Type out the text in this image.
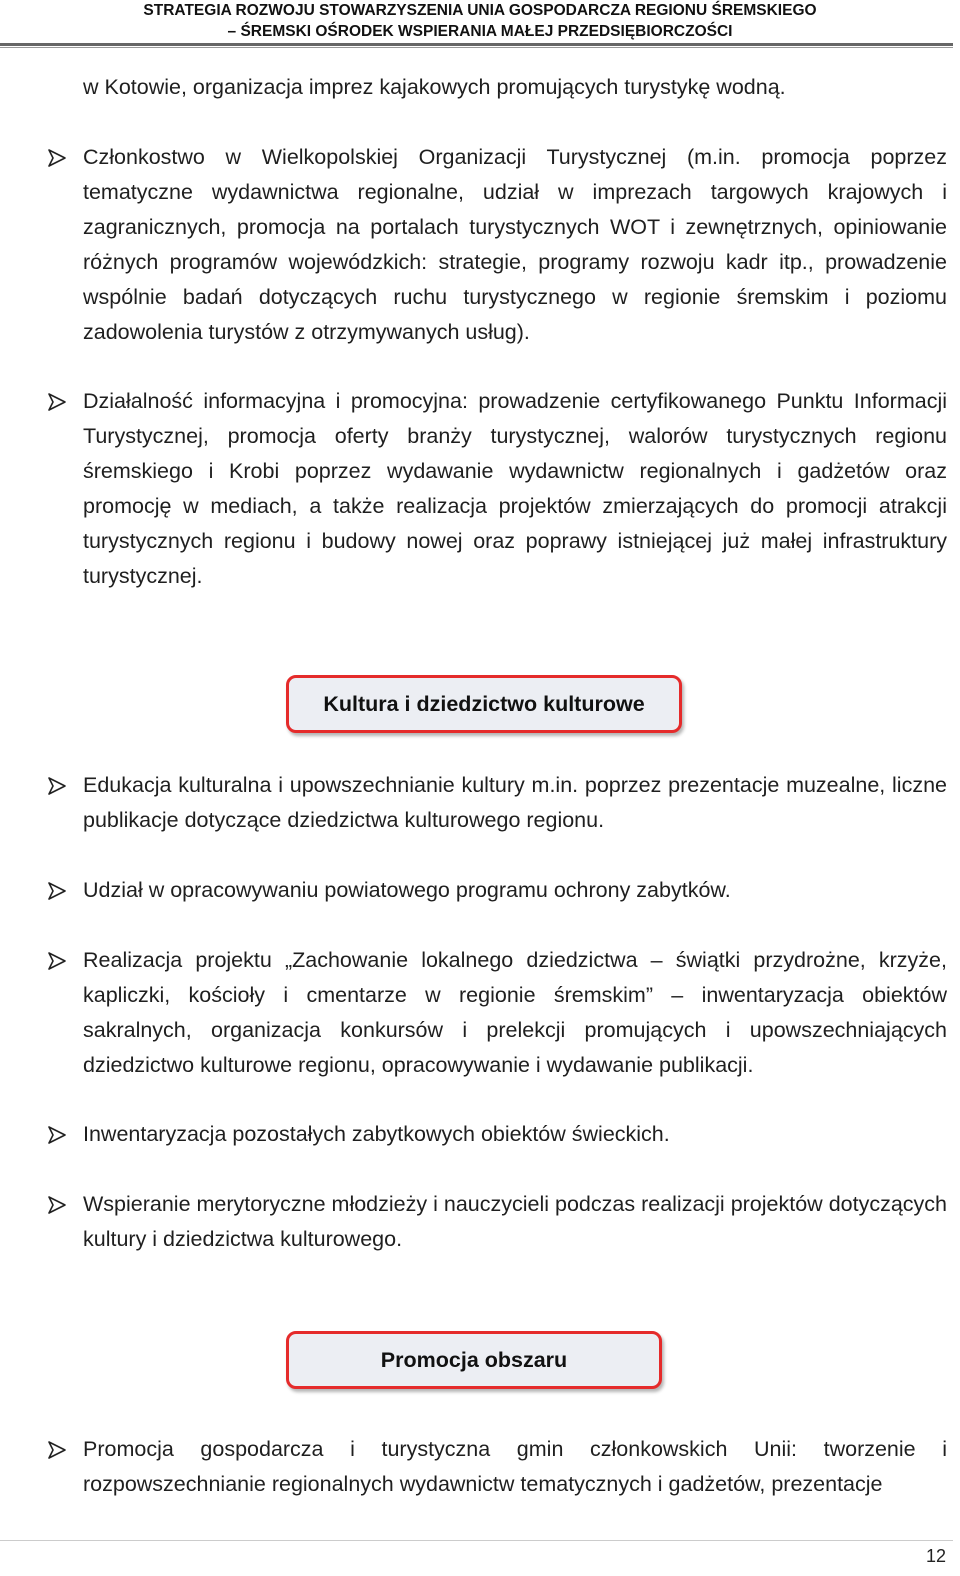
STRATEGIA ROZWOJU STOWARZYSZENIA UNIA GOSPODARCZA REGIONU ŚREMSKIEGO
– ŚREMSKI OŚRODEK WSPIERANIA MAŁEJ PRZEDSIĘBIORCZOŚCI
w Kotowie, organizacja imprez kajakowych promujących turystykę wodną.
Członkostwo w Wielkopolskiej Organizacji Turystycznej (m.in. promocja poprzez tematyczne wydawnictwa regionalne, udział w imprezach targowych krajowych i zagranicznych, promocja na portalach turystycznych WOT i zewnętrznych, opiniowanie różnych programów wojewódzkich: strategie, programy rozwoju kadr itp., prowadzenie wspólnie badań dotyczących ruchu turystycznego w regionie śremskim i poziomu zadowolenia turystów z otrzymywanych usług).
Działalność informacyjna i promocyjna: prowadzenie certyfikowanego Punktu Informacji Turystycznej, promocja oferty branży turystycznej, walorów turystycznych regionu śremskiego i Krobi poprzez wydawanie wydawnictw regionalnych i gadżetów oraz promocję w mediach, a także realizacja projektów zmierzających do promocji atrakcji turystycznych regionu i budowy nowej oraz poprawy istniejącej już małej infrastruktury turystycznej.
Kultura i dziedzictwo kulturowe
Edukacja kulturalna i upowszechnianie kultury m.in. poprzez prezentacje muzealne, liczne publikacje dotyczące dziedzictwa kulturowego regionu.
Udział w opracowywaniu powiatowego programu ochrony zabytków.
Realizacja projektu „Zachowanie lokalnego dziedzictwa – świątki przydrożne, krzyże, kapliczki, kościoły i cmentarze w regionie śremskim” – inwentaryzacja obiektów sakralnych, organizacja konkursów i prelekcji promujących i upowszechniających dziedzictwo kulturowe regionu, opracowywanie i wydawanie publikacji.
Inwentaryzacja pozostałych zabytkowych obiektów świeckich.
Wspieranie merytoryczne młodzieży i nauczycieli podczas realizacji projektów dotyczących kultury i dziedzictwa kulturowego.
Promocja obszaru
Promocja gospodarcza i turystyczna gmin członkowskich Unii: tworzenie i rozpowszechnianie regionalnych wydawnictw tematycznych i gadżetów, prezentacje
12
